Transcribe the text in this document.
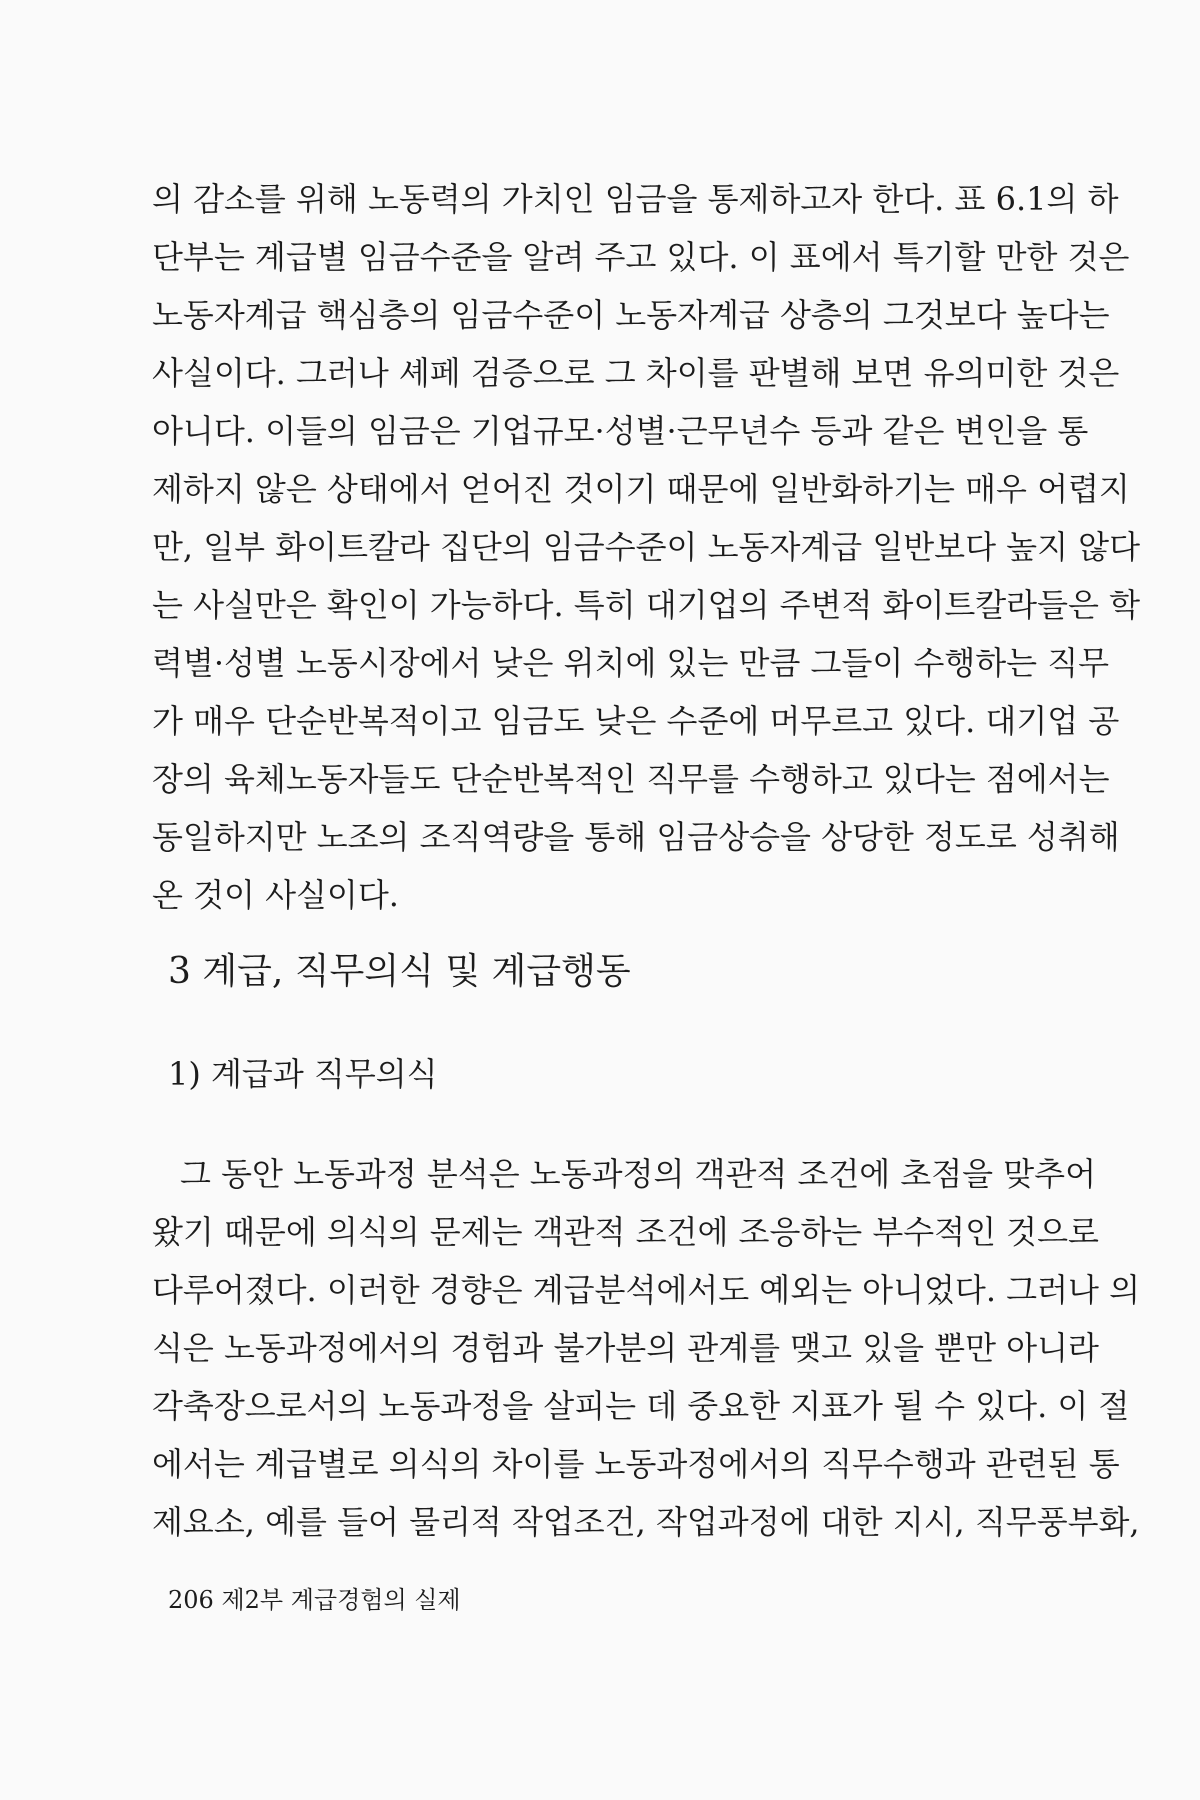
의 감소를 위해 노동력의 가치인 임금을 통제하고자 한다. 표 6.1의 하
단부는 계급별 임금수준을 알려 주고 있다. 이 표에서 특기할 만한 것은
노동자계급 핵심층의 임금수준이 노동자계급 상층의 그것보다 높다는
사실이다. 그러나 셰페 검증으로 그 차이를 판별해 보면 유의미한 것은
아니다. 이들의 임금은 기업규모·성별·근무년수 등과 같은 변인을 통
제하지 않은 상태에서 얻어진 것이기 때문에 일반화하기는 매우 어렵지
만, 일부 화이트칼라 집단의 임금수준이 노동자계급 일반보다 높지 않다
는 사실만은 확인이 가능하다. 특히 대기업의 주변적 화이트칼라들은 학
력별·성별 노동시장에서 낮은 위치에 있는 만큼 그들이 수행하는 직무
가 매우 단순반복적이고 임금도 낮은 수준에 머무르고 있다. 대기업 공
장의 육체노동자들도 단순반복적인 직무를 수행하고 있다는 점에서는
동일하지만 노조의 조직역량을 통해 임금상승을 상당한 정도로 성취해
온 것이 사실이다.
3 계급, 직무의식 및 계급행동
1) 계급과 직무의식
그 동안 노동과정 분석은 노동과정의 객관적 조건에 초점을 맞추어
왔기 때문에 의식의 문제는 객관적 조건에 조응하는 부수적인 것으로
다루어졌다. 이러한 경향은 계급분석에서도 예외는 아니었다. 그러나 의
식은 노동과정에서의 경험과 불가분의 관계를 맺고 있을 뿐만 아니라
각축장으로서의 노동과정을 살피는 데 중요한 지표가 될 수 있다. 이 절
에서는 계급별로 의식의 차이를 노동과정에서의 직무수행과 관련된 통
제요소, 예를 들어 물리적 작업조건, 작업과정에 대한 지시, 직무풍부화,
206 제2부 계급경험의 실제
